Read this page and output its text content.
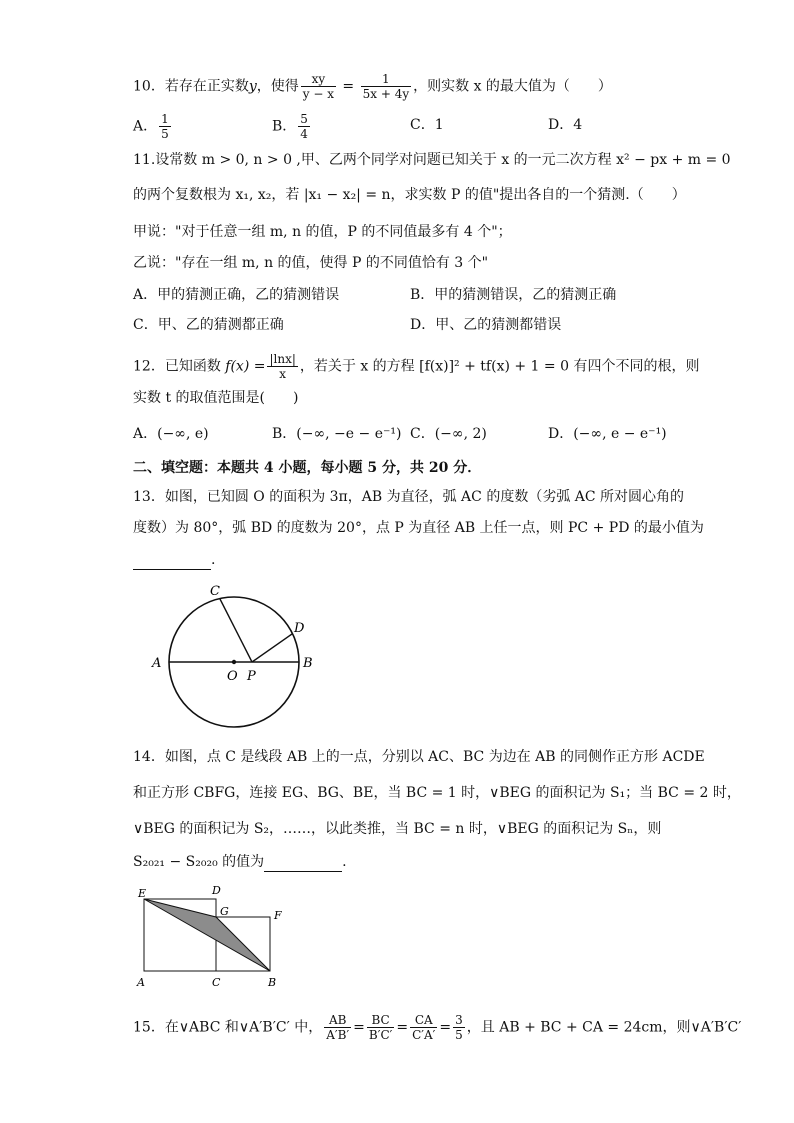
10．若存在正实数y，使得 $\frac{xy}{y - x} = \frac{1}{5x + 4y}$ ，则实数 x 的最大值为（　　）
A． $\frac{1}{5}$	B． $\frac{5}{4}$	C．1	D．4
11.设常数 m > 0, n > 0 ,甲、乙两个同学对问题已知关于 x 的一元二次方程 x² − px + m = 0
的两个复数根为 x₁, x₂，若 |x₁ − x₂| = n，求实数 P 的值"提出各自的一个猜测.（　　）
甲说："对于任意一组 m, n 的值，P 的不同值最多有 4 个"；
乙说："存在一组 m, n 的值，使得 P 的不同值恰有 3 个"
A．甲的猜测正确，乙的猜测错误	B．甲的猜测错误，乙的猜测正确
C．甲、乙的猜测都正确	D．甲、乙的猜测都错误
12．已知函数 $f(x) = \frac{|\ln x|}{x}$ ，若关于 x 的方程 [f(x)]² + tf(x) + 1 = 0 有四个不同的根，则
实数 t 的取值范围是(　　)
A．(−∞, e)	B．(−∞, −e − e⁻¹) C．(−∞, 2)	D．(−∞, e − e⁻¹)
二、填空题：本题共 4 小题，每小题 5 分，共 20 分．
13．如图，已知圆 O 的面积为 3π，AB 为直径，弧 AC 的度数（劣弧 AC 所对圆心角的
度数）为 80°，弧 BD 的度数为 20°，点 P 为直径 AB 上任一点，则 PC + PD 的最小值为
.
A	B
C
D
O P
14．如图，点 C 是线段 AB 上的一点，分别以 AC、BC 为边在 AB 的同侧作正方形 ACDE
和正方形 CBFG，连接 EG、BG、BE，当 BC = 1 时，∨BEG 的面积记为 S₁；当 BC = 2 时，
∨BEG 的面积记为 S₂，……，以此类推，当 BC = n 时，∨BEG 的面积记为 Sₙ，则
S₂₀₂₁ − S₂₀₂₀ 的值为	.
E	D
G	F
A	C	B
15．在∨ABC 和∨A′B′C′ 中， $\frac{AB}{A'B'} = \frac{BC}{B'C'} = \frac{CA}{C'A'} = \frac{3}{5}$ ，且 AB + BC + CA = 24cm，则∨A′B′C′
